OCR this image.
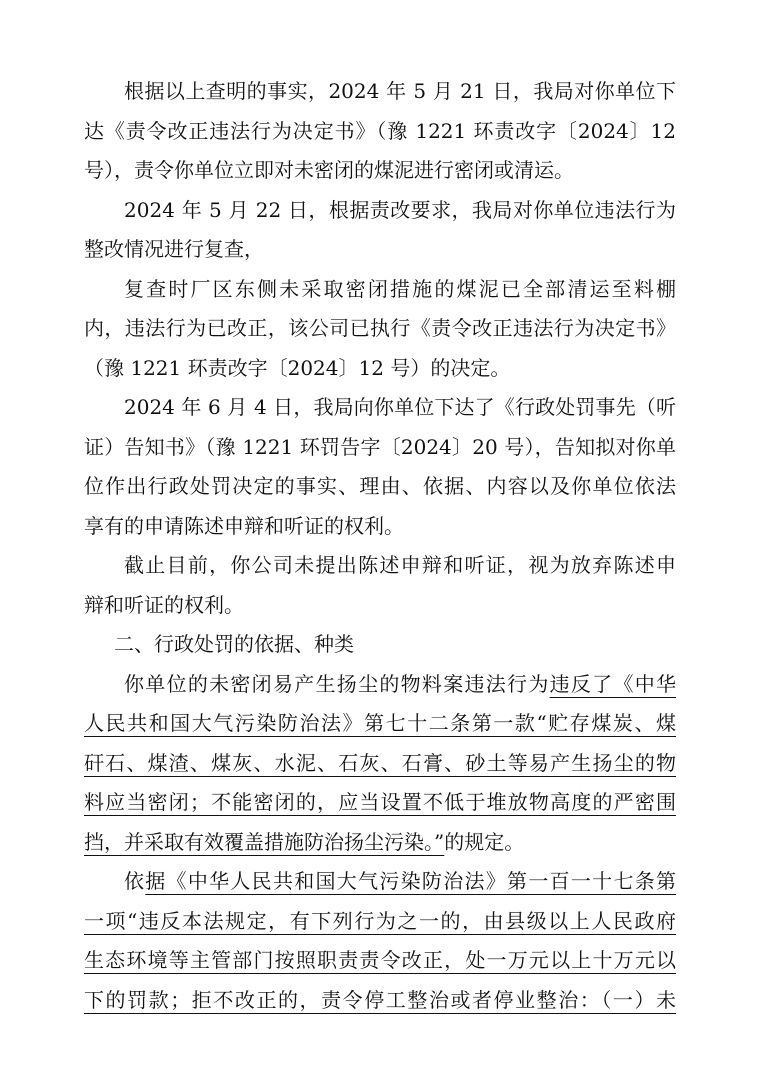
根据以上查明的事实，2024 年 5 月 21 日，我局对你单位下
达《责令改正违法行为决定书》（豫 1221 环责改字〔2024〕12
号），责令你单位立即对未密闭的煤泥进行密闭或清运。
2024 年 5 月 22 日，根据责改要求，我局对你单位违法行为
整改情况进行复查，
复查时厂区东侧未采取密闭措施的煤泥已全部清运至料棚
内，违法行为已改正，该公司已执行《责令改正违法行为决定书》
（豫 1221 环责改字〔2024〕12 号）的决定。
2024 年 6 月 4 日，我局向你单位下达了《行政处罚事先（听
证）告知书》（豫 1221 环罚告字〔2024〕20 号），告知拟对你单
位作出行政处罚决定的事实、理由、依据、内容以及你单位依法
享有的申请陈述申辩和听证的权利。
截止目前，你公司未提出陈述申辩和听证，视为放弃陈述申
辩和听证的权利。
二、行政处罚的依据、种类
你单位的未密闭易产生扬尘的物料案违法行为违反了《中华
人民共和国大气污染防治法》第七十二条第一款“贮存煤炭、煤
矸石、煤渣、煤灰、水泥、石灰、石膏、砂土等易产生扬尘的物
料应当密闭；不能密闭的，应当设置不低于堆放物高度的严密围
挡，并采取有效覆盖措施防治扬尘污染。”的规定。
依据《中华人民共和国大气污染防治法》第一百一十七条第
一项“违反本法规定，有下列行为之一的，由县级以上人民政府
生态环境等主管部门按照职责责令改正，处一万元以上十万元以
下的罚款；拒不改正的，责令停工整治或者停业整治：（一）未
